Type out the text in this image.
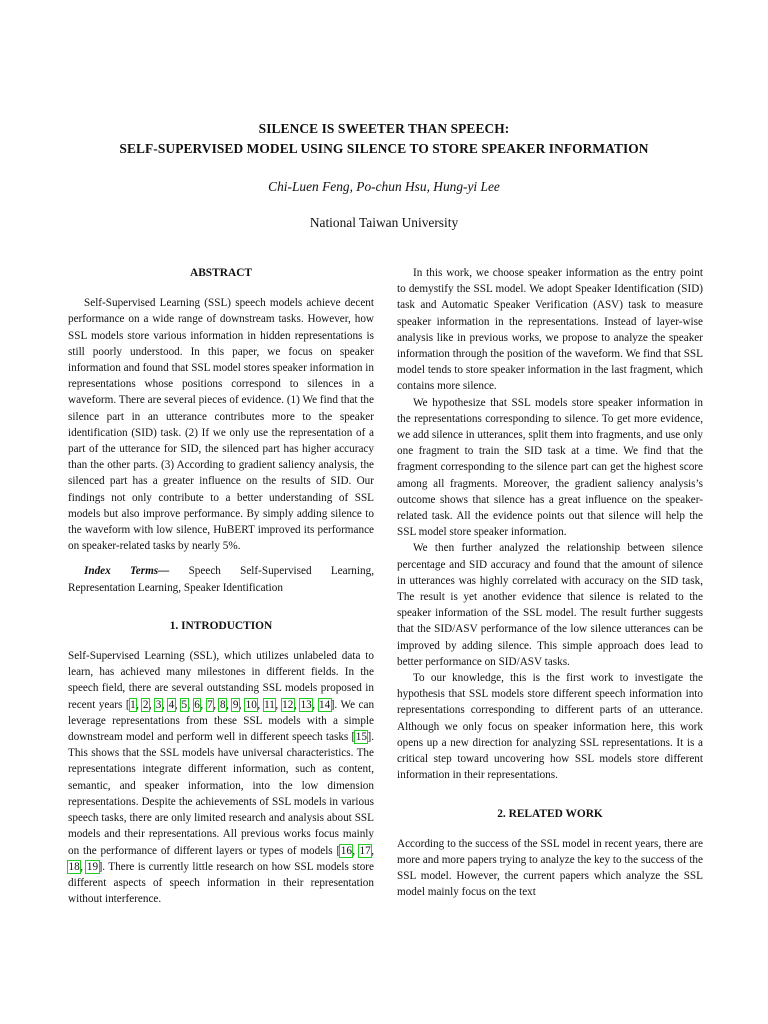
SILENCE IS SWEETER THAN SPEECH:
SELF-SUPERVISED MODEL USING SILENCE TO STORE SPEAKER INFORMATION
Chi-Luen Feng, Po-chun Hsu, Hung-yi Lee
National Taiwan University

ABSTRACT

Self-Supervised Learning (SSL) speech models achieve decent performance on a wide range of downstream tasks. However, how SSL models store various information in hidden representations is still poorly understood. In this paper, we focus on speaker information and found that SSL model stores speaker information in representations whose positions correspond to silences in a waveform. There are several pieces of evidence. (1) We find that the silence part in an utterance contributes more to the speaker identification (SID) task. (2) If we only use the representation of a part of the utterance for SID, the silenced part has higher accuracy than the other parts. (3) According to gradient saliency analysis, the silenced part has a greater influence on the results of SID. Our findings not only contribute to a better understanding of SSL models but also improve performance. By simply adding silence to the waveform with low silence, HuBERT improved its performance on speaker-related tasks by nearly 5%.

Index Terms— Speech Self-Supervised Learning, Representation Learning, Speaker Identification

1. INTRODUCTION

Self-Supervised Learning (SSL), which utilizes unlabeled data to learn, has achieved many milestones in different fields. In the speech field, there are several outstanding SSL models proposed in recent years [1, 2, 3, 4, 5, 6, 7, 8, 9, 10, 11, 12, 13, 14]. We can leverage representations from these SSL models with a simple downstream model and perform well in different speech tasks [15]. This shows that the SSL models have universal characteristics. The representations integrate different information, such as content, semantic, and speaker information, into the low dimension representations. Despite the achievements of SSL models in various speech tasks, there are only limited research and analysis about SSL models and their representations. All previous works focus mainly on the performance of different layers or types of models [16, 17, 18, 19]. There is currently little research on how SSL models store different aspects of speech information in their representation without interference.

In this work, we choose speaker information as the entry point to demystify the SSL model. We adopt Speaker Identification (SID) task and Automatic Speaker Verification (ASV) task to measure speaker information in the representations. Instead of layer-wise analysis like in previous works, we propose to analyze the speaker information through the position of the waveform. We find that SSL model tends to store speaker information in the last fragment, which contains more silence.

We hypothesize that SSL models store speaker information in the representations corresponding to silence. To get more evidence, we add silence in utterances, split them into fragments, and use only one fragment to train the SID task at a time. We find that the fragment corresponding to the silence part can get the highest score among all fragments. Moreover, the gradient saliency analysis’s outcome shows that silence has a great influence on the speaker-related task. All the evidence points out that silence will help the SSL model store speaker information.

We then further analyzed the relationship between silence percentage and SID accuracy and found that the amount of silence in utterances was highly correlated with accuracy on the SID task, The result is yet another evidence that silence is related to the speaker information of the SSL model. The result further suggests that the SID/ASV performance of the low silence utterances can be improved by adding silence. This simple approach does lead to better performance on SID/ASV tasks.

To our knowledge, this is the first work to investigate the hypothesis that SSL models store different speech information into representations corresponding to different parts of an utterance. Although we only focus on speaker information here, this work opens up a new direction for analyzing SSL representations. It is a critical step toward uncovering how SSL models store different information in their representations.

2. RELATED WORK

According to the success of the SSL model in recent years, there are more and more papers trying to analyze the key to the success of the SSL model. However, the current papers which analyze the SSL model mainly focus on the text
